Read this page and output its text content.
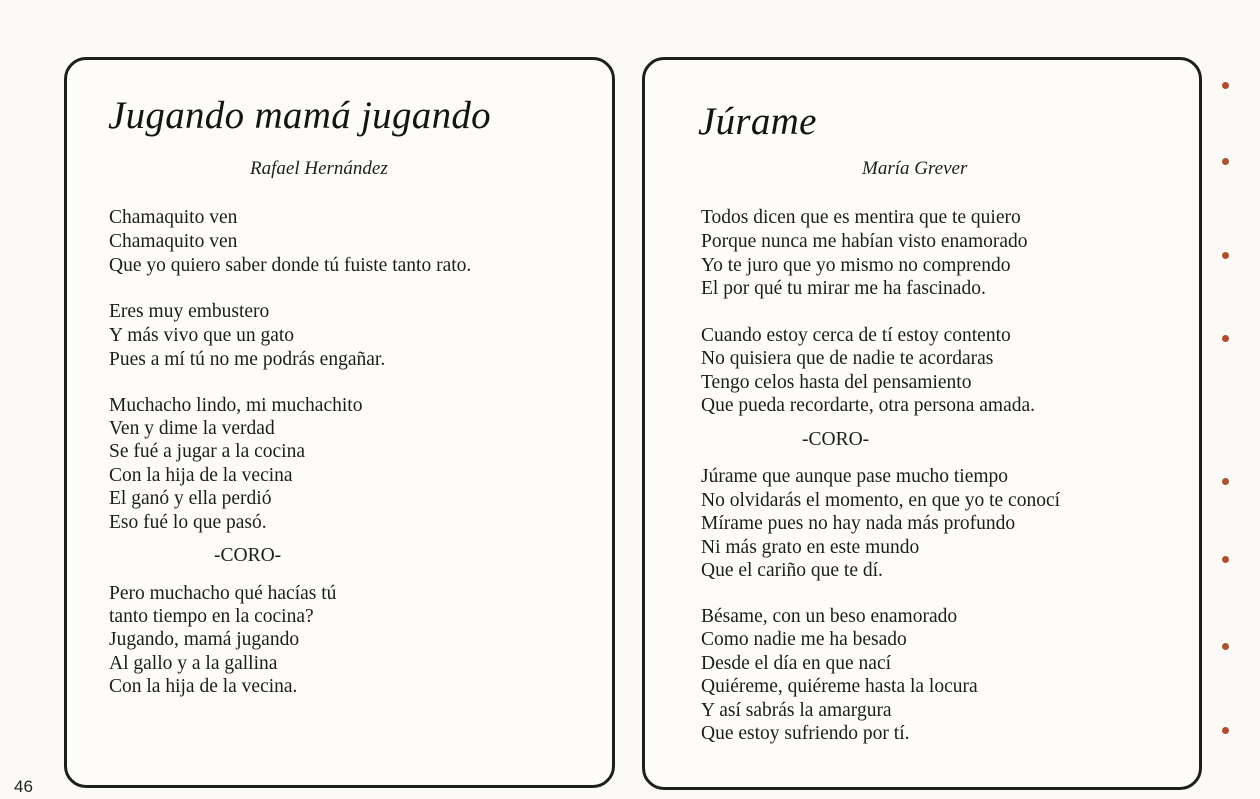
Jugando mamá jugando
Rafael Hernández
Chamaquito ven
Chamaquito ven
Que yo quiero saber donde tú fuiste tanto rato.
Eres muy embustero
Y más vivo que un gato
Pues a mí tú no me podrás engañar.
Muchacho lindo, mi muchachito
Ven y dime la verdad
Se fué a jugar a la cocina
Con la hija de la vecina
El ganó y ella perdió
Eso fué lo que pasó.
-CORO-
Pero muchacho qué hacías tú
tanto tiempo en la cocina?
Jugando, mamá jugando
Al gallo y a la gallina
Con la hija de la vecina.
Júrame
María Grever
Todos dicen que es mentira que te quiero
Porque nunca me habían visto enamorado
Yo te juro que yo mismo no comprendo
El por qué tu mirar me ha fascinado.
Cuando estoy cerca de tí estoy contento
No quisiera que de nadie te acordaras
Tengo celos hasta del pensamiento
Que pueda recordarte, otra persona amada.
-CORO-
Júrame que aunque pase mucho tiempo
No olvidarás el momento, en que yo te conocí
Mírame pues no hay nada más profundo
Ni más grato en este mundo
Que el cariño que te dí.
Bésame, con un beso enamorado
Como nadie me ha besado
Desde el día en que nací
Quiéreme, quiéreme hasta la locura
Y así sabrás la amargura
Que estoy sufriendo por tí.
46
